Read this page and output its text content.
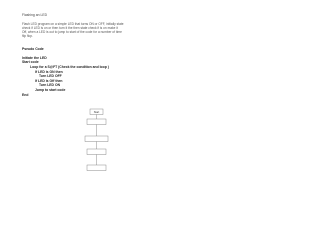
Flashing an LED

Flash LED program on a simple LED that turns ON or OFF, initially state

check if LED is on or then turn it the then state check if is on make it

Off, when a LED is out to jump to start of the code for a number of time

flip flop.

Pseudo Code
Initiate the LED
Start code
Loop for a S@FT (Check the condition and loop )
If LED is ON then
Turn LED OFF
If LED is Off then
Turn LED ON
Jump to start code
End
Start
